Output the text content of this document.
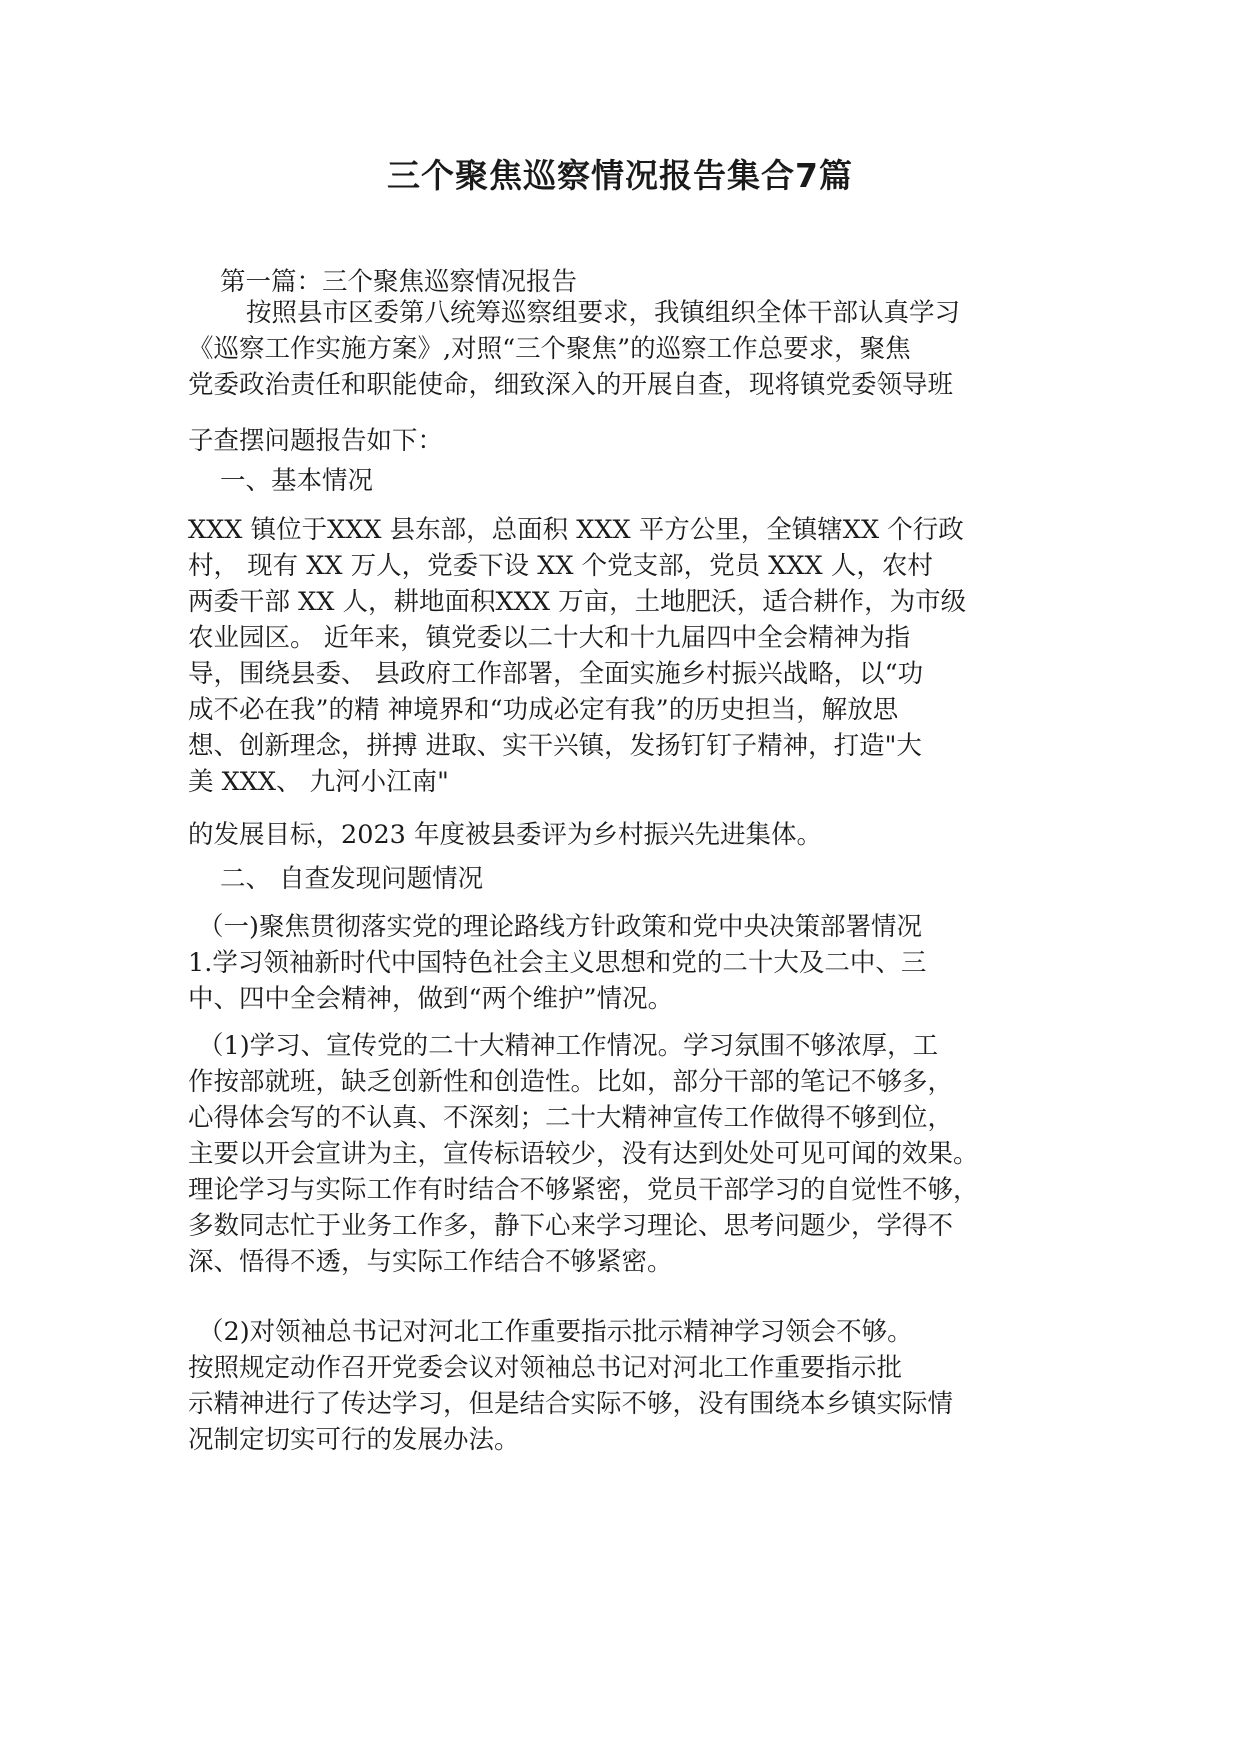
三个聚焦巡察情况报告集合7篇
第一篇：三个聚焦巡察情况报告
按照县市区委第八统筹巡察组要求，我镇组织全体干部认真学习
《巡察工作实施方案》,对照“三个聚焦”的巡察工作总要求，聚焦
党委政治责任和职能使命，细致深入的开展自查，现将镇党委领导班
子查摆问题报告如下：
一、基本情况
XXX 镇位于XXX 县东部，总面积 XXX 平方公里，全镇辖XX 个行政
村， 现有 XX 万人，党委下设 XX 个党支部，党员 XXX 人，农村
两委干部 XX 人，耕地面积XXX 万亩，土地肥沃，适合耕作，为市级
农业园区。 近年来，镇党委以二十大和十九届四中全会精神为指
导，围绕县委、 县政府工作部署，全面实施乡村振兴战略，以“功
成不必在我”的精 神境界和“功成必定有我”的历史担当，解放思
想、创新理念，拼搏 进取、实干兴镇，发扬钉钉子精神，打造"大
美 XXX、 九河小江南"
的发展目标，2023 年度被县委评为乡村振兴先进集体。
二、 自查发现问题情况
（一)聚焦贯彻落实党的理论路线方针政策和党中央决策部署情况
1.学习领袖新时代中国特色社会主义思想和党的二十大及二中、三
中、四中全会精神，做到“两个维护”情况。
（1)学习、宣传党的二十大精神工作情况。学习氛围不够浓厚，工
作按部就班，缺乏创新性和创造性。比如，部分干部的笔记不够多，
心得体会写的不认真、不深刻；二十大精神宣传工作做得不够到位，
主要以开会宣讲为主，宣传标语较少，没有达到处处可见可闻的效果。
理论学习与实际工作有时结合不够紧密，党员干部学习的自觉性不够，
多数同志忙于业务工作多，静下心来学习理论、思考问题少，学得不
深、悟得不透，与实际工作结合不够紧密。
（2)对领袖总书记对河北工作重要指示批示精神学习领会不够。
按照规定动作召开党委会议对领袖总书记对河北工作重要指示批
示精神进行了传达学习，但是结合实际不够，没有围绕本乡镇实际情
况制定切实可行的发展办法。
